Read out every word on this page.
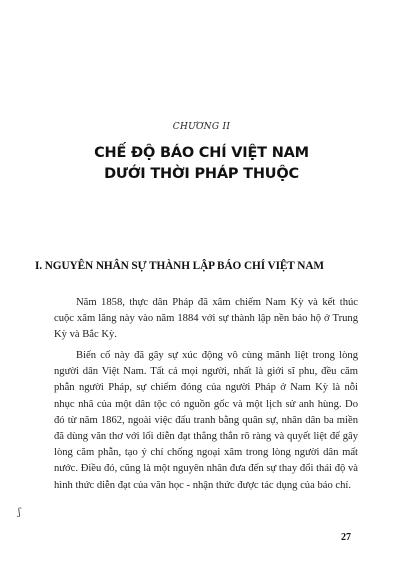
CHƯƠNG II
CHẾ ĐỘ BÁO CHÍ VIỆT NAM
DƯỚI THỜI PHÁP THUỘC
I. NGUYÊN NHÂN SỰ THÀNH LẬP BÁO CHÍ VIỆT NAM

Năm 1858, thực dân Pháp đã xâm chiếm Nam Kỳ và kết thúc cuộc xâm lăng này vào năm 1884 với sự thành lập nền bảo hộ ở Trung Kỳ và Bắc Kỳ.

Biến cố này đã gây sự xúc động vô cùng mãnh liệt trong lòng người dân Việt Nam. Tất cả mọi người, nhất là giới sĩ phu, đều căm phẫn người Pháp, sự chiếm đóng của người Pháp ở Nam Kỳ là nỗi nhục nhã của một dân tộc có nguồn gốc và một lịch sử anh hùng. Do đó từ năm 1862, ngoài việc đấu tranh bằng quân sự, nhân dân ba miền đã dùng văn thơ với lối diễn đạt thẳng thắn rõ ràng và quyết liệt để gây lòng căm phẫn, tạo ý chí chống ngoại xâm trong lòng người dân mất nước. Điều đó, cũng là một nguyên nhân đưa đến sự thay đổi thái độ và hình thức diễn đạt của văn học - nhận thức được tác dụng của báo chí.

ʃ
27
